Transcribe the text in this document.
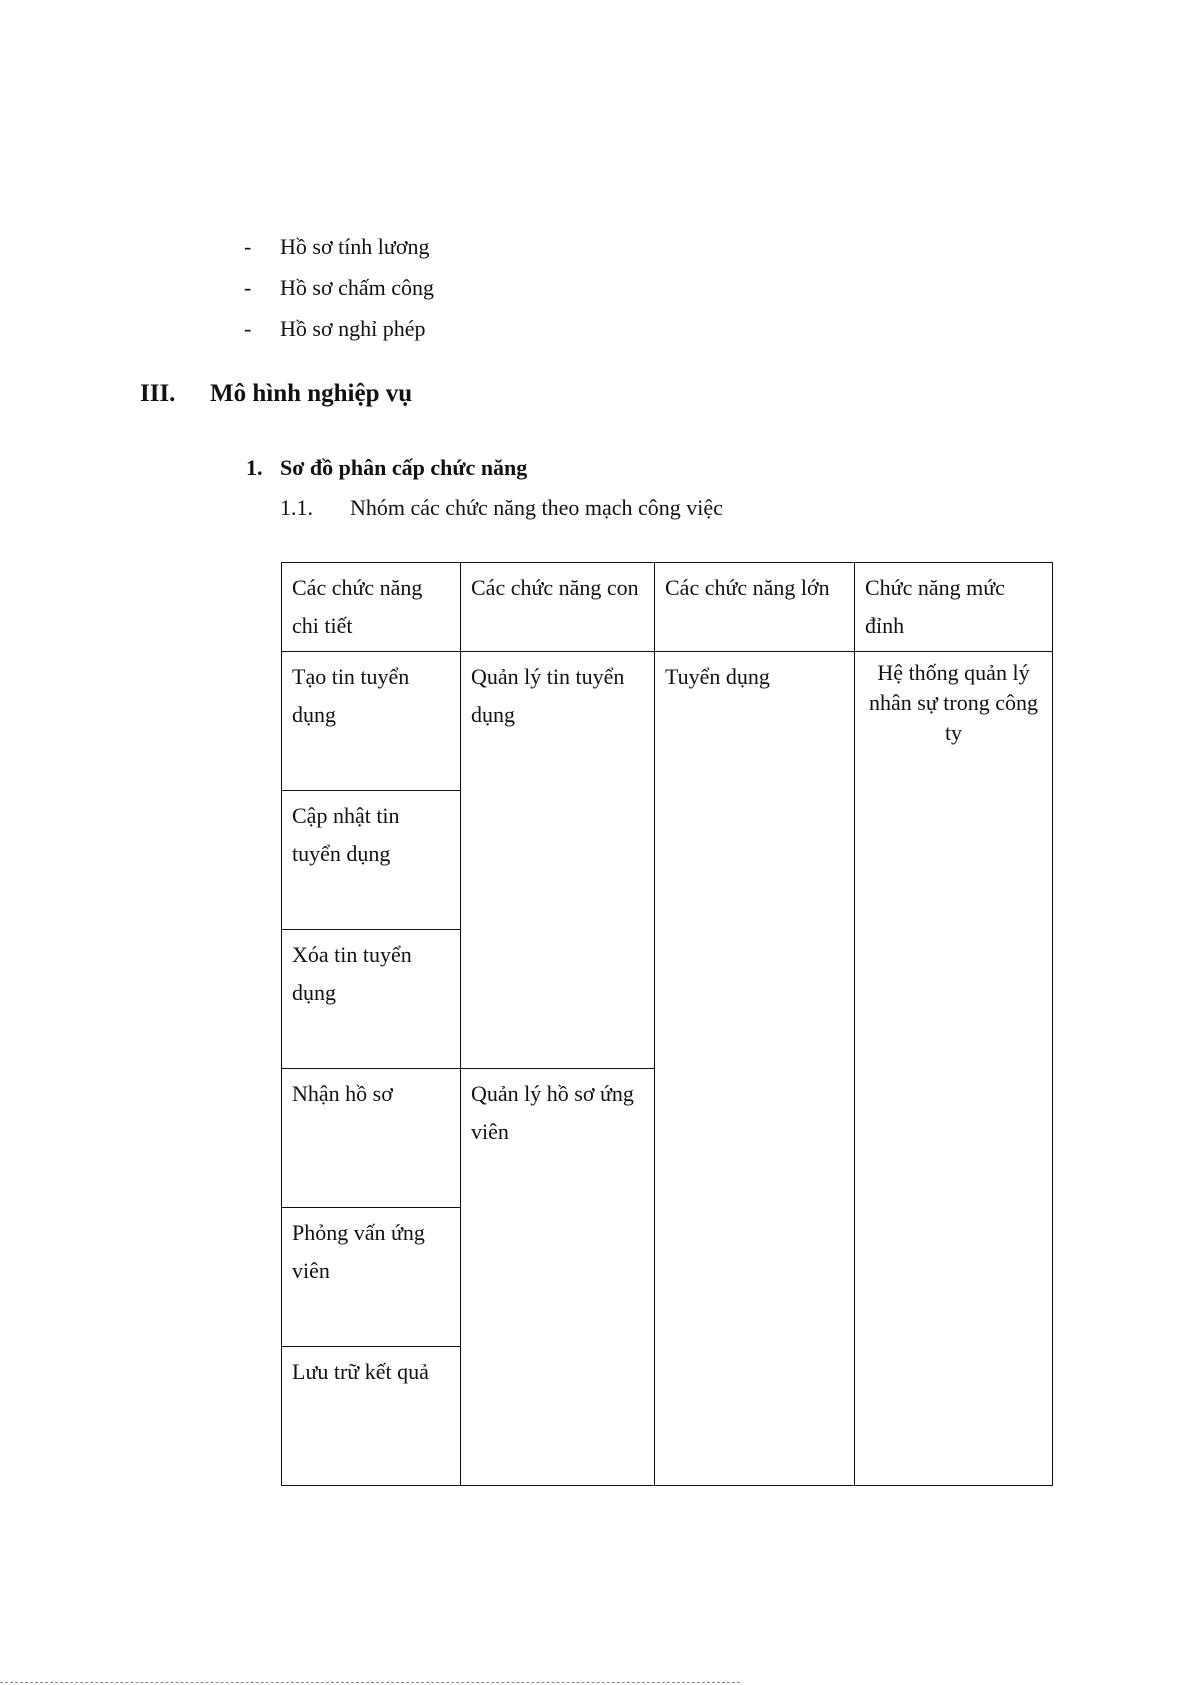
- Hồ sơ tính lương
- Hồ sơ chấm công
- Hồ sơ nghỉ phép
III. Mô hình nghiệp vụ
1. Sơ đồ phân cấp chức năng

1.1. Nhóm các chức năng theo mạch công việc

Các chức năng chi tiết	Các chức năng con	Các chức năng lớn	Chức năng mức đỉnh
Tạo tin tuyển dụng	Quản lý tin tuyển dụng	Tuyển dụng	Hệ thống quản lý nhân sự trong công ty
Cập nhật tin tuyển dụng			
Xóa tin tuyển dụng			
Nhận hồ sơ	Quản lý hồ sơ ứng viên		
Phỏng vấn ứng viên			
Lưu trữ kết quả			
